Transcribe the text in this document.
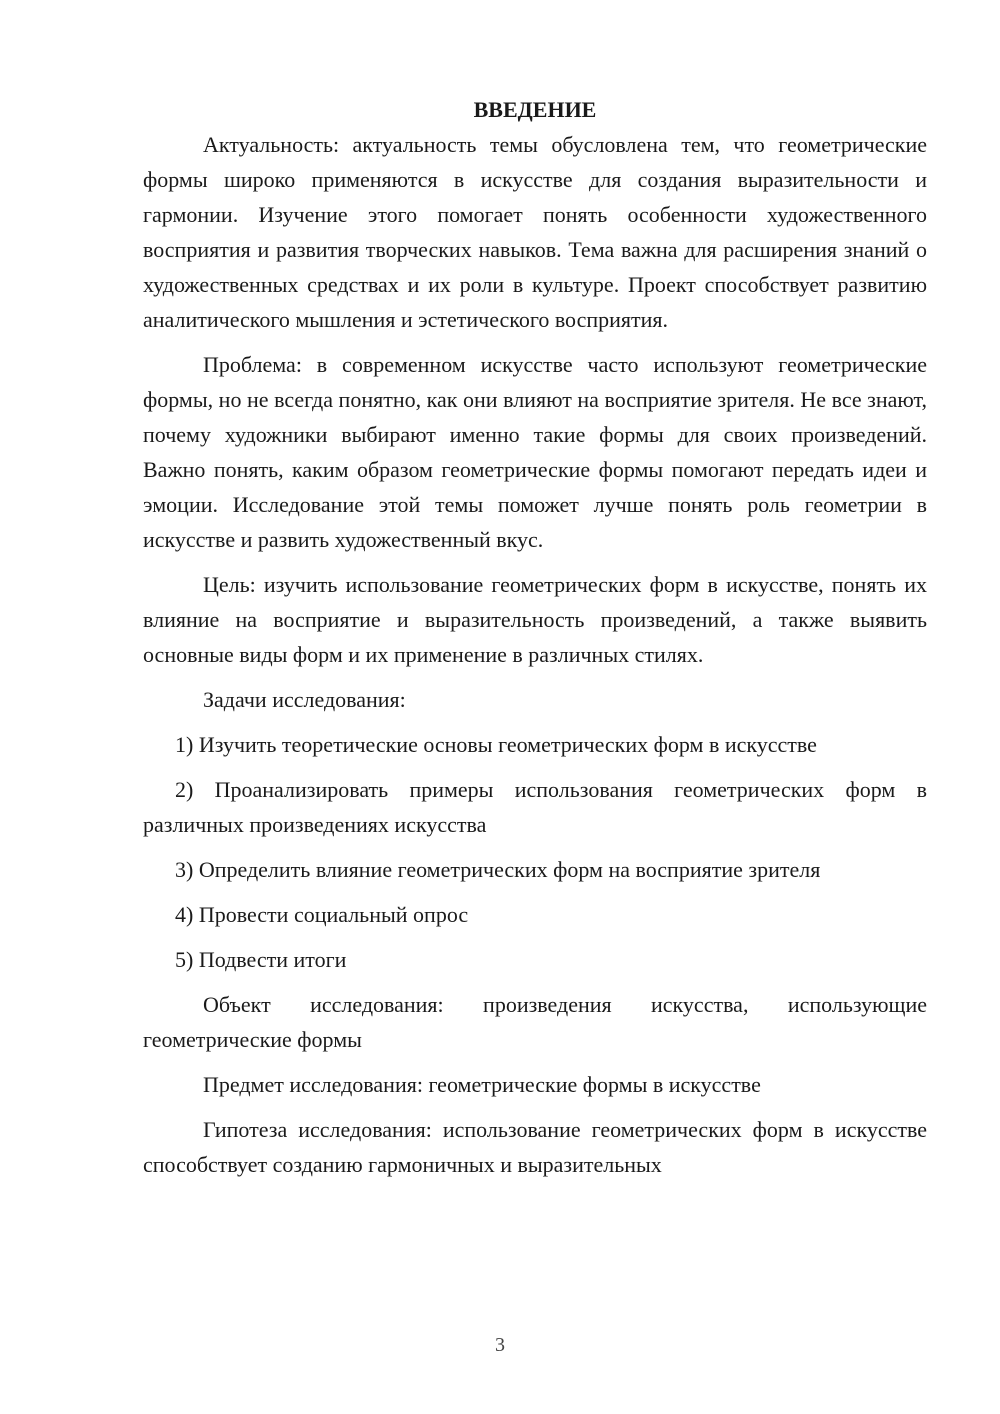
ВВЕДЕНИЕ

Актуальность: актуальность темы обусловлена тем, что геометрические формы широко применяются в искусстве для создания выразительности и гармонии. Изучение этого помогает понять особенности художественного восприятия и развития творческих навыков. Тема важна для расширения знаний о художественных средствах и их роли в культуре. Проект способствует развитию аналитического мышления и эстетического восприятия.

Проблема: в современном искусстве часто используют геометрические формы, но не всегда понятно, как они влияют на восприятие зрителя. Не все знают, почему художники выбирают именно такие формы для своих произведений. Важно понять, каким образом геометрические формы помогают передать идеи и эмоции. Исследование этой темы поможет лучше понять роль геометрии в искусстве и развить художественный вкус.

Цель: изучить использование геометрических форм в искусстве, понять их влияние на восприятие и выразительность произведений, а также выявить основные виды форм и их применение в различных стилях.

Задачи исследования:

1) Изучить теоретические основы геометрических форм в искусстве

2) Проанализировать примеры использования геометрических форм в различных произведениях искусства

3) Определить влияние геометрических форм на восприятие зрителя

4) Провести социальный опрос

5) Подвести итоги

Объект исследования: произведения искусства, использующие геометрические формы

Предмет исследования: геометрические формы в искусстве

Гипотеза исследования: использование геометрических форм в искусстве способствует созданию гармоничных и выразительных

3
